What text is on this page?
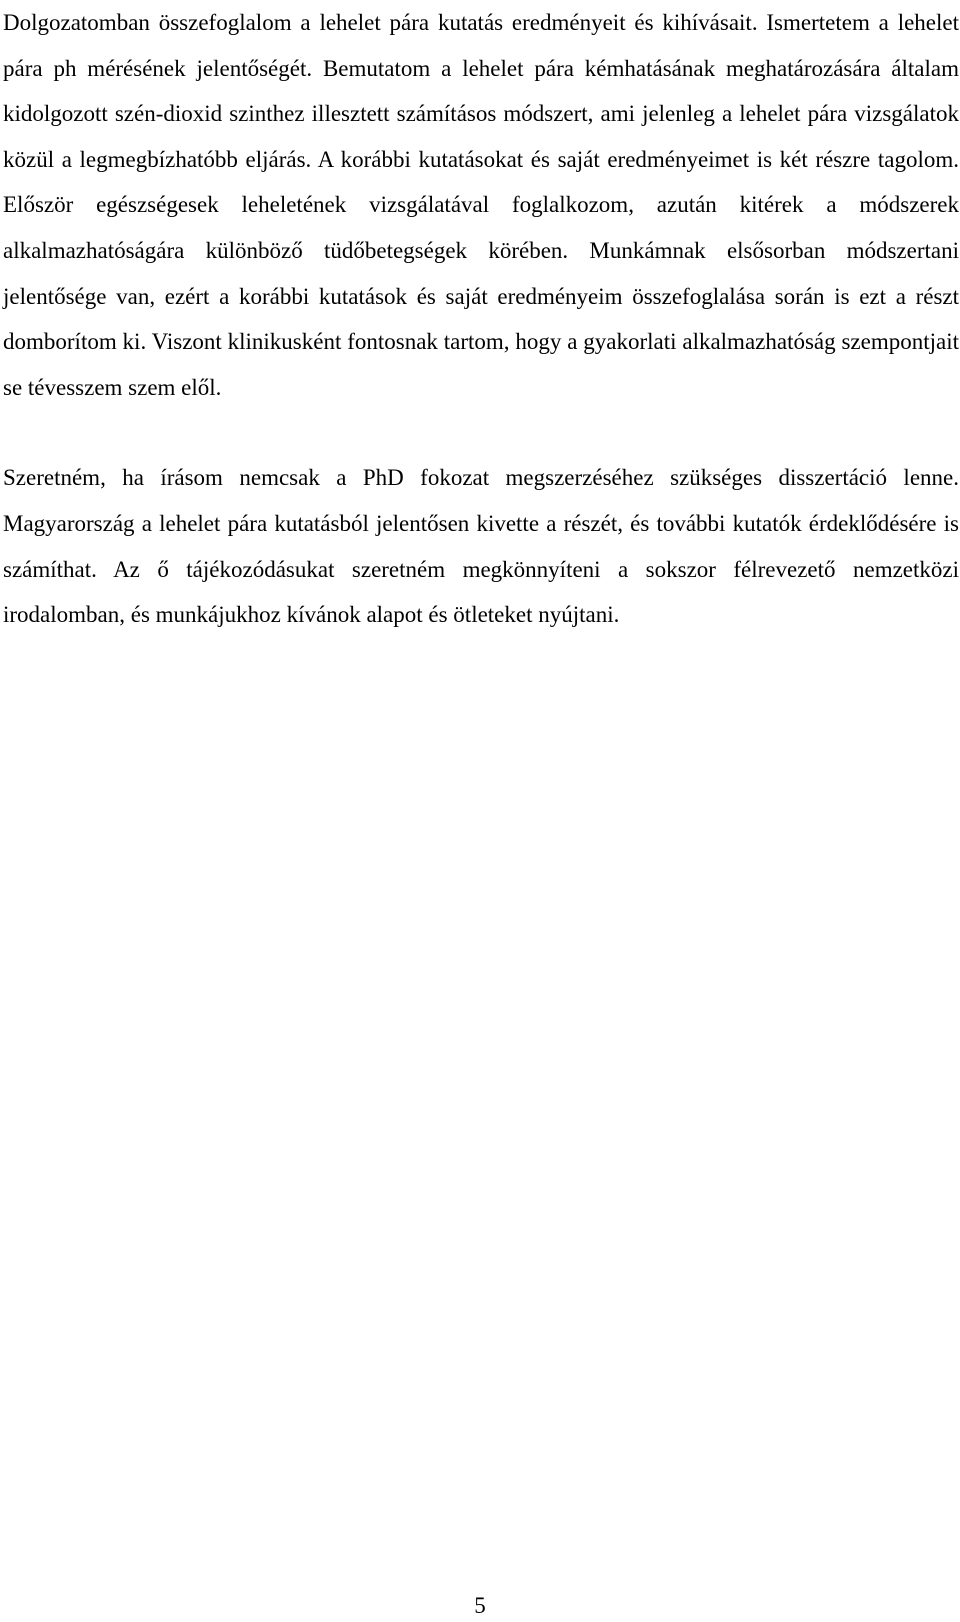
Dolgozatomban összefoglalom a lehelet pára kutatás eredményeit és kihívásait. Ismertetem a lehelet pára ph mérésének jelentőségét. Bemutatom a lehelet pára kémhatásának meghatározására általam kidolgozott szén-dioxid szinthez illesztett számításos módszert, ami jelenleg a lehelet pára vizsgálatok közül a legmegbízhatóbb eljárás. A korábbi kutatásokat és saját eredményeimet is két részre tagolom. Először egészségesek leheletének vizsgálatával foglalkozom, azután kitérek a módszerek alkalmazhatóságára különböző tüdőbetegségek körében. Munkámnak elsősorban módszertani jelentősége van, ezért a korábbi kutatások és saját eredményeim összefoglalása során is ezt a részt domborítom ki. Viszont klinikusként fontosnak tartom, hogy a gyakorlati alkalmazhatóság szempontjait se tévesszem szem elől.

Szeretném, ha írásom nemcsak a PhD fokozat megszerzéséhez szükséges disszertáció lenne. Magyarország a lehelet pára kutatásból jelentősen kivette a részét, és további kutatók érdeklődésére is számíthat. Az ő tájékozódásukat szeretném megkönnyíteni a sokszor félrevezető nemzetközi irodalomban, és munkájukhoz kívánok alapot és ötleteket nyújtani.

5
